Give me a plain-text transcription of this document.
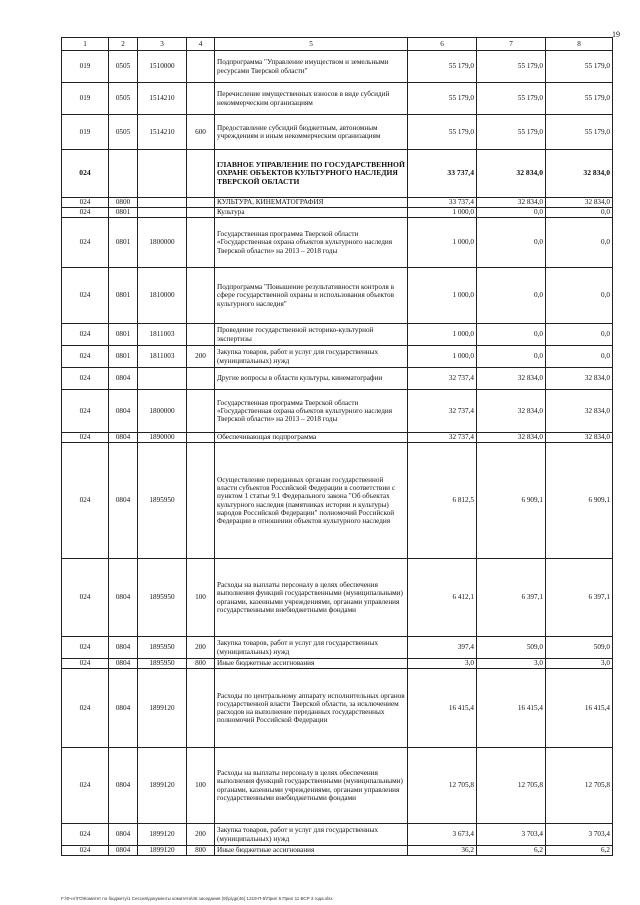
19
1	2	3	4	5	6	7	8
019	0505	1510000		Подпрограмма "Управление имуществом и земельными ресурсами Тверской области"	55 179,0	55 179,0	55 179,0
019	0505	1514210		Перечисление имущественных взносов в виде субсидий некоммерческим организациям	55 179,0	55 179,0	55 179,0
019	0505	1514210	600	Предоставление субсидий бюджетным, автономным учреждениям и иным некоммерческим организациям	55 179,0	55 179,0	55 179,0
024				ГЛАВНОЕ УПРАВЛЕНИЕ ПО ГОСУДАРСТВЕННОЙ ОХРАНЕ ОБЪЕКТОВ КУЛЬТУРНОГО НАСЛЕДИЯ ТВЕРСКОЙ ОБЛАСТИ	33 737,4	32 834,0	32 834,0
024	0800			КУЛЬТУРА, КИНЕМАТОГРАФИЯ	33 737,4	32 834,0	32 834,0
024	0801			Культура	1 000,0	0,0	0,0
024	0801	1800000		Государственная программа Тверской области «Государственная охрана объектов культурного наследия Тверской области» на 2013 – 2018 годы	1 000,0	0,0	0,0
024	0801	1810000		Подпрограмма "Повышение результативности контроля в сфере государственной охраны и использования объектов культурного наследия"	1 000,0	0,0	0,0
024	0801	1811003		Проведение государственной историко-культурной экспертизы	1 000,0	0,0	0,0
024	0801	1811003	200	Закупка товаров, работ и услуг для государственных (муниципальных) нужд	1 000,0	0,0	0,0
024	0804			Другие вопросы в области культуры, кинематографии	32 737,4	32 834,0	32 834,0
024	0804	1800000		Государственная программа Тверской области «Государственная охрана объектов культурного наследия Тверской области» на 2013 – 2018 годы	32 737,4	32 834,0	32 834,0
024	0804	1890000		Обеспечивающая подпрограмма	32 737,4	32 834,0	32 834,0
024	0804	1895950		Осуществление переданных органам государственной власти субъектов Российской Федерации в соответствии с пунктом 1 статьи 9.1 Федерального закона "Об объектах культурного наследия (памятниках истории и культуры) народов Российской Федерации" полномочий Российской Федерации в отношении объектов культурного наследия	6 812,5	6 909,1	6 909,1
024	0804	1895950	100	Расходы на выплаты персоналу в целях обеспечения выполнения функций государственными (муниципальными) органами, казенными учреждениями, органами управления государственными внебюджетными фондами	6 412,1	6 397,1	6 397,1
024	0804	1895950	200	Закупка товаров, работ и услуг для государственных (муниципальных) нужд	397,4	509,0	509,0
024	0804	1895950	800	Иные бюджетные ассигнования	3,0	3,0	3,0
024	0804	1899120		Расходы по центральному аппарату исполнительных органов государственной власти Тверской области, за исключением расходов на выполнение переданных государственных полномочий Российской Федерации	16 415,4	16 415,4	16 415,4
024	0804	1899120	100	Расходы на выплаты персоналу в целях обеспечения выполнения функций государственными (муниципальными) органами, казенными учреждениями, органами управления государственными внебюджетными фондами	12 705,8	12 705,8	12 705,8
024	0804	1899120	200	Закупка товаров, работ и услуг для государственных (муниципальных) нужд	3 673,4	3 703,4	3 703,4
024	0804	1899120	800	Иные бюджетные ассигнования	36,2	6,2	6,2
F:\Ф-нт\ГО\Комитет по бюджету\1 Сессия\документы комитета\46 заседания (9)\р\др(46) 1219-П-5\Прил 5 Прил 11 ВСР 3 года.xlsx
